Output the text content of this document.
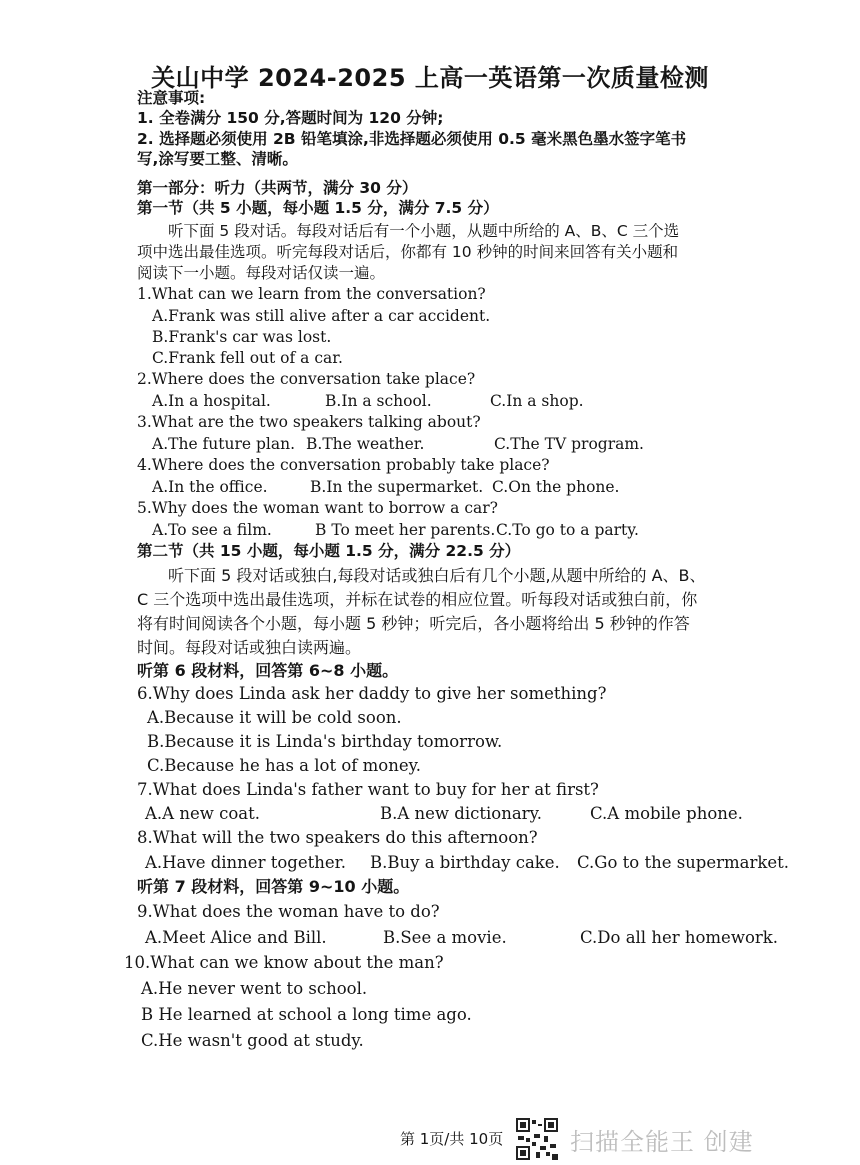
关山中学 2024-2025 上高一英语第一次质量检测
注意事项:
1. 全卷满分 150 分,答题时间为 120 分钟;
2. 选择题必须使用 2B 铅笔填涂,非选择题必须使用 0.5 毫米黑色墨水签字笔书
写,涂写要工整、清晰。
第一部分：听力（共两节，满分 30 分）
第一节（共 5 小题，每小题 1.5 分，满分 7.5 分）
听下面 5 段对话。每段对话后有一个小题，从题中所给的 A、B、C 三个选
项中选出最佳选项。听完每段对话后，你都有 10 秒钟的时间来回答有关小题和
阅读下一小题。每段对话仅读一遍。
1.What can we learn from the conversation?
A.Frank was still alive after a car accident.
B.Frank's car was lost.
C.Frank fell out of a car.
2.Where does the conversation take place?
A.In a hospital.	B.In a school.	C.In a shop.
3.What are the two speakers talking about?
A.The future plan. B.The weather.	C.The TV program.
4.Where does the conversation probably take place?
A.In the office.	B.In the supermarket. C.On the phone.
5.Why does the woman want to borrow a car?
A.To see a film.	B To meet her parents. C.To go to a party.
第二节（共 15 小题，每小题 1.5 分，满分 22.5 分）
听下面 5 段对话或独白,每段对话或独白后有几个小题,从题中所给的 A、B、
C 三个选项中选出最佳选项，并标在试卷的相应位置。听每段对话或独白前，你
将有时间阅读各个小题，每小题 5 秒钟；听完后，各小题将给出 5 秒钟的作答
时间。每段对话或独白读两遍。
听第 6 段材料，回答第 6~8 小题。
6.Why does Linda ask her daddy to give her something?
A.Because it will be cold soon.
B.Because it is Linda's birthday tomorrow.
C.Because he has a lot of money.
7.What does Linda's father want to buy for her at first?
A.A new coat.	B.A new dictionary.	C.A mobile phone.
8.What will the two speakers do this afternoon?
A.Have dinner together. B.Buy a birthday cake. C.Go to the supermarket.
听第 7 段材料，回答第 9~10 小题。
9.What does the woman have to do?
A.Meet Alice and Bill.	B.See a movie.	C.Do all her homework.
10.What can we know about the man?
A.He never went to school.
B He learned at school a long time ago.
C.He wasn't good at study.
第 1页/共 10页	扫描全能王 创建
